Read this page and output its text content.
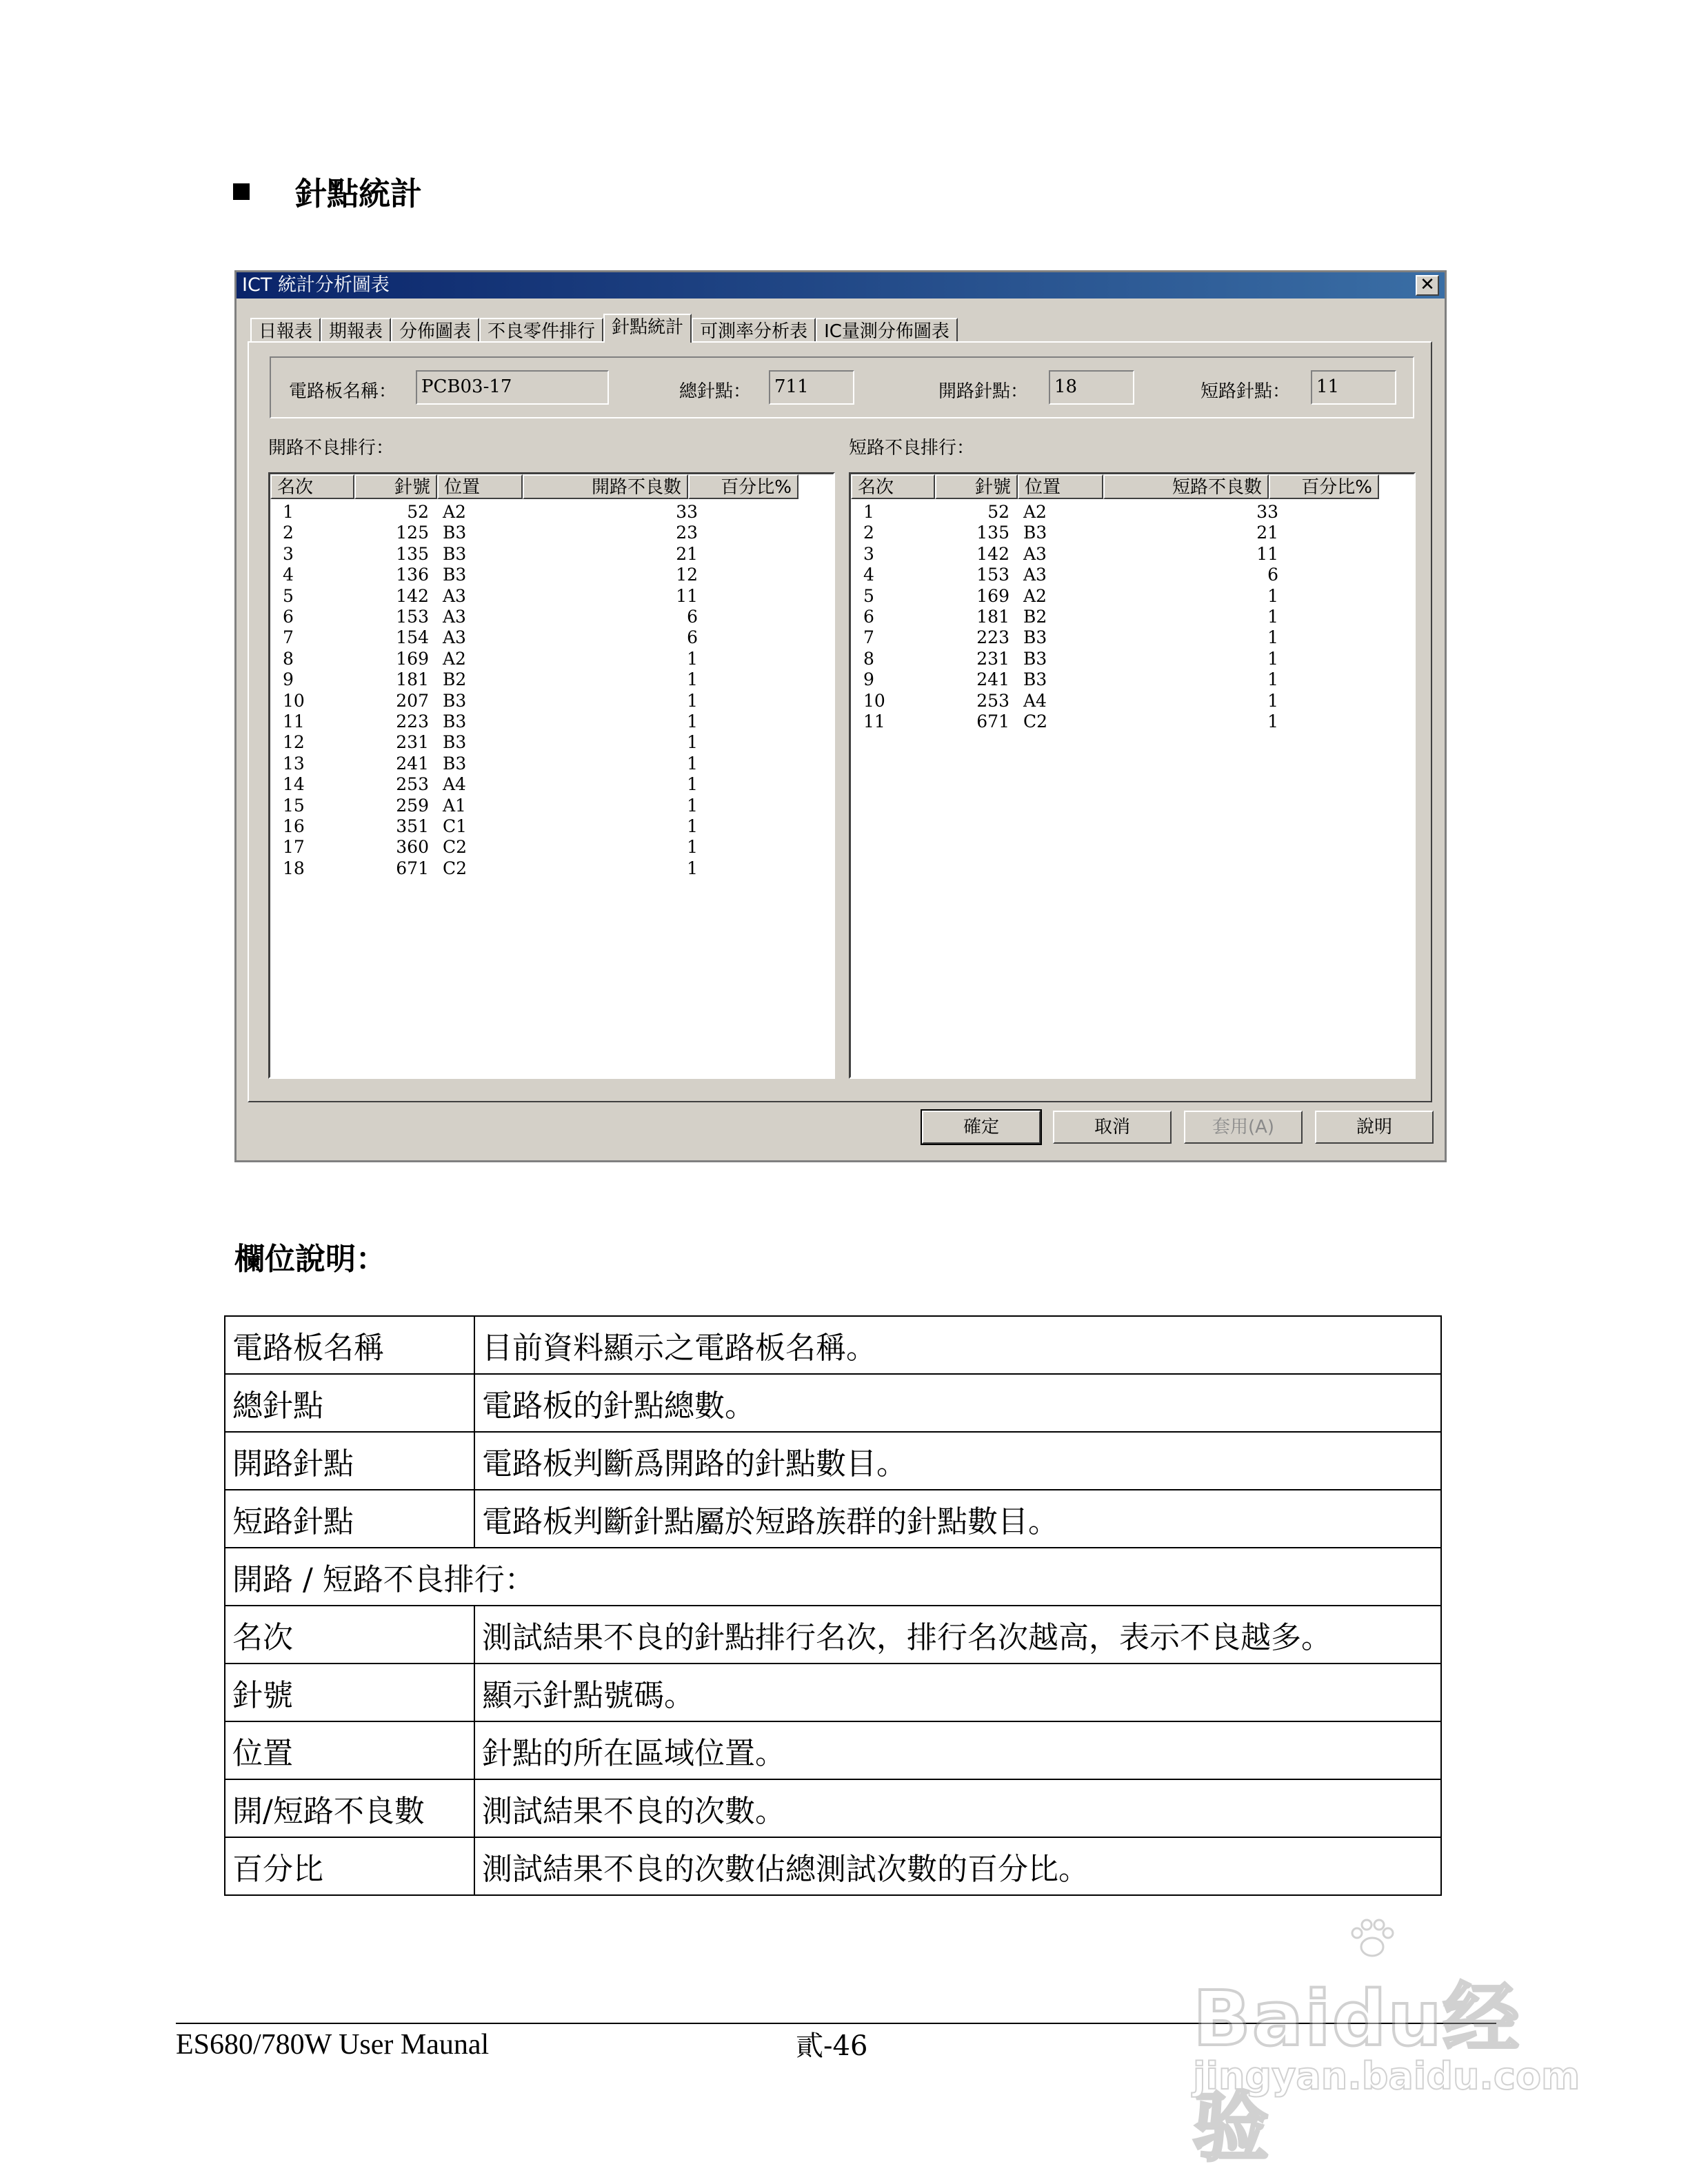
針點統計
ICT 統計分析圖表	✕
日報表 期報表 分佈圖表 不良零件排行 針點統計 可測率分析表 IC量測分佈圖表
電路板名稱：	PCB03-17	總針點：	711	開路針點：	18	短路針點：	11
開路不良排行：	短路不良排行：
名次	針號 位置	開路不良數	百分比%
1	52 A2	33
2	125 B3	23
3	135 B3	21
4	136 B3	12
5	142 A3	11
6	153 A3	6
7	154 A3	6
8	169 A2	1
9	181 B2	1
10	207 B3	1
11	223 B3	1
12	231 B3	1
13	241 B3	1
14	253 A4	1
15	259 A1	1
16	351 C1	1
17	360 C2	1
18	671 C2	1
名次	針號 位置	短路不良數	百分比%
1	52 A2	33
2	135 B3	21
3	142 A3	11
4	153 A3	6
5	169 A2	1
6	181 B2	1
7	223 B3	1
8	231 B3	1
9	241 B3	1
10	253 A4	1
11	671 C2	1
確定	取消	套用(A)	說明
欄位說明：
電路板名稱	目前資料顯示之電路板名稱。
總針點	電路板的針點總數。
開路針點	電路板判斷爲開路的針點數目。
短路針點	電路板判斷針點屬於短路族群的針點數目。
開路 / 短路不良排行：	
名次	測試結果不良的針點排行名次，排行名次越高，表示不良越多。
針號	顯示針點號碼。
位置	針點的所在區域位置。
開/短路不良數	測試結果不良的次數。
百分比	測試結果不良的次數佔總測試次數的百分比。
ES680/780W User Maunal	貳-46	Baidu经验
jingyan.baidu.com
